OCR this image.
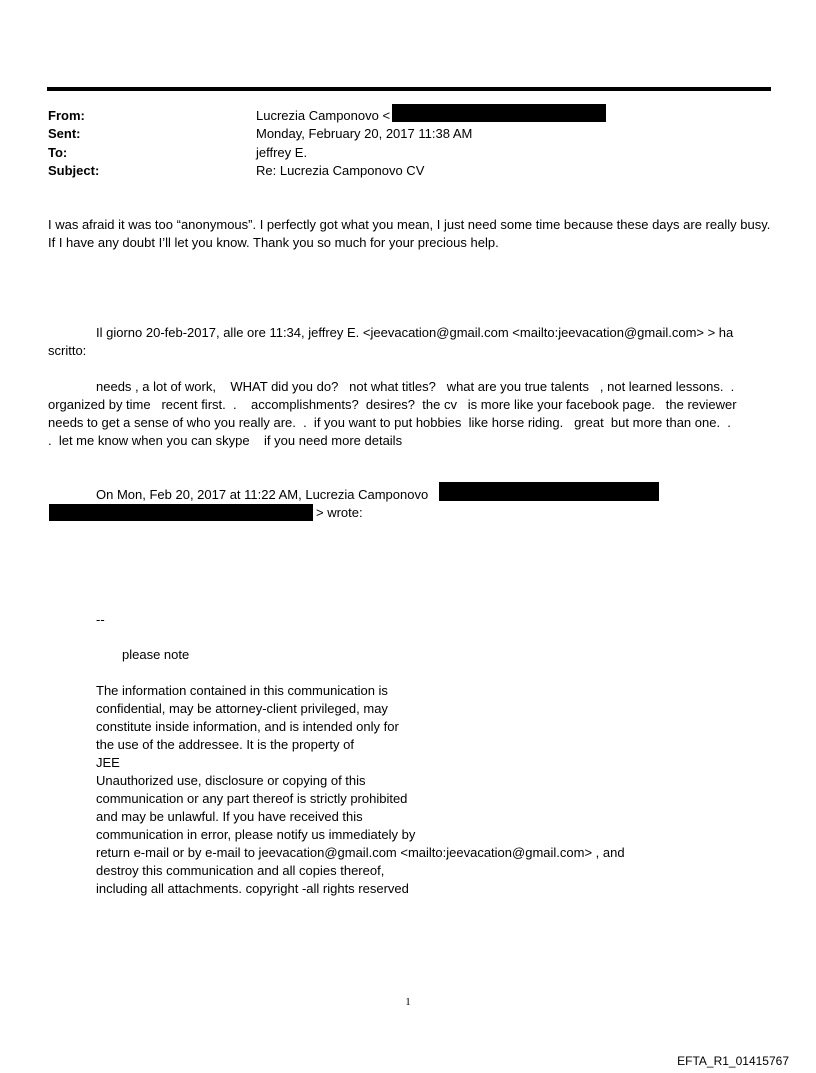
From:	Lucrezia Camponovo <
Sent:	Monday, February 20, 2017 11:38 AM
To:	jeffrey E.
Subject:	Re: Lucrezia Camponovo CV

I was afraid it was too “anonymous”. I perfectly got what you mean, I just need some time because these days are really busy. If I have any doubt I’ll let you know. Thank you so much for your precious help.

Il giorno 20-feb-2017, alle ore 11:34, jeffrey E. <jeevacation@gmail.com <mailto:jeevacation@gmail.com> > ha
scritto:
needs , a lot of work,    WHAT did you do?   not what titles?   what are you true talents   , not learned lessons.  .
organized by time   recent first.  .    accomplishments?  desires?  the cv   is more like your facebook page.   the reviewer
needs to get a sense of who you really are.  .  if you want to put hobbies  like horse riding.   great  but more than one.  .
.  let me know when you can skype    if you need more details
On Mon, Feb 20, 2017 at 11:22 AM, Lucrezia Camponovo
> wrote:
--
please note
The information contained in this communication is
confidential, may be attorney-client privileged, may
constitute inside information, and is intended only for
the use of the addressee. It is the property of
JEE
Unauthorized use, disclosure or copying of this
communication or any part thereof is strictly prohibited
and may be unlawful. If you have received this
communication in error, please notify us immediately by
return e-mail or by e-mail to jeevacation@gmail.com <mailto:jeevacation@gmail.com> , and
destroy this communication and all copies thereof,
including all attachments. copyright -all rights reserved
1
EFTA_R1_01415767
